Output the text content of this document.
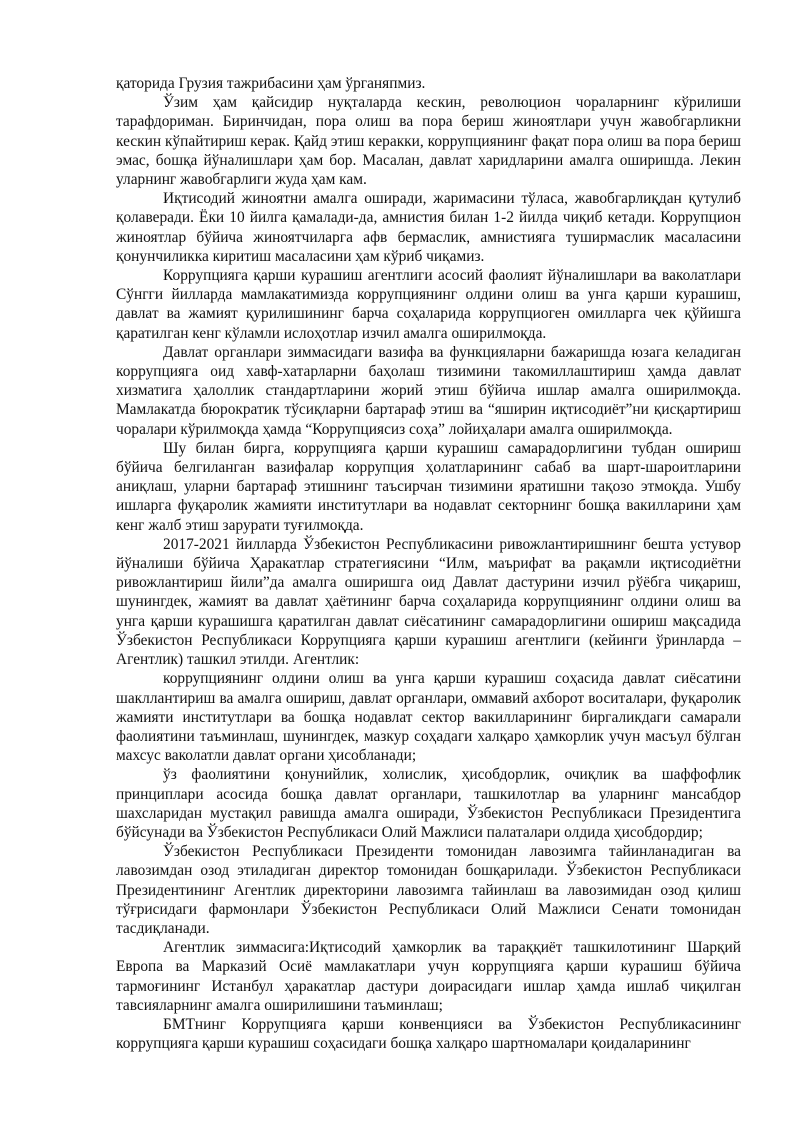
қаторида Грузия тажрибасини ҳам ўрганяпмиз.

Ўзим ҳам қайсидир нуқталарда кескин, революцион чораларнинг кўрилиши тарафдориман. Биринчидан, пора олиш ва пора бериш жиноятлари учун жавобгарликни кескин кўпайтириш керак. Қайд этиш керакки, коррупциянинг фақат пора олиш ва пора бериш эмас, бошқа йўналишлари ҳам бор. Масалан, давлат харидларини амалга оширишда. Лекин уларнинг жавобгарлиги жуда ҳам кам.

Иқтисодий жиноятни амалга оширади, жаримасини тўласа, жавобгарлиқдан қутулиб қолаверади. Ёки 10 йилга қамалади-да, амнистия билан 1-2 йилда чиқиб кетади. Коррупцион жиноятлар бўйича жиноятчиларга афв бермаслик, амнистияга туширмаслик масаласини қонунчиликка киритиш масаласини ҳам кўриб чиқамиз.

Коррупцияга қарши курашиш агентлиги асосий фаолият йўналишлари ва ваколатлари Сўнгги йилларда мамлакатимизда коррупциянинг олдини олиш ва унга қарши курашиш, давлат ва жамият қурилишининг барча соҳаларида коррупциоген омилларга чек қўйишга қаратилган кенг кўламли ислоҳотлар изчил амалга оширилмоқда.

Давлат органлари зиммасидаги вазифа ва функцияларни бажаришда юзага келадиган коррупцияга оид хавф-хатарларни баҳолаш тизимини такомиллаштириш ҳамда давлат хизматига ҳалоллик стандартларини жорий этиш бўйича ишлар амалга оширилмоқда. Мамлакатда бюрократик тўсиқларни бартараф этиш ва “яширин иқтисодиёт”ни қисқартириш чоралари кўрилмоқда ҳамда “Коррупциясиз соҳа” лойиҳалари амалга оширилмоқда.

Шу билан бирга, коррупцияга қарши курашиш самарадорлигини тубдан ошириш бўйича белгиланган вазифалар коррупция ҳолатларининг сабаб ва шарт-шароитларини аниқлаш, уларни бартараф этишнинг таъсирчан тизимини яратишни тақозо этмоқда. Ушбу ишларга фуқаролик жамияти институтлари ва нодавлат секторнинг бошқа вакилларини ҳам кенг жалб этиш зарурати туғилмоқда.

2017-2021 йилларда Ўзбекистон Республикасини ривожлантиришнинг бешта устувор йўналиши бўйича Ҳаракатлар стратегиясини “Илм, маърифат ва рақамли иқтисодиётни ривожлантириш йили”да амалга оширишга оид Давлат дастурини изчил рўёбга чиқариш, шунингдек, жамият ва давлат ҳаётининг барча соҳаларида коррупциянинг олдини олиш ва унга қарши курашишга қаратилган давлат сиёсатининг самарадорлигини ошириш мақсадида Ўзбекистон Республикаси Коррупцияга қарши курашиш агентлиги (кейинги ўринларда – Агентлик) ташкил этилди. Агентлик:

коррупциянинг олдини олиш ва унга қарши курашиш соҳасида давлат сиёсатини шакллантириш ва амалга ошириш, давлат органлари, оммавий ахборот воситалари, фуқаролик жамияти институтлари ва бошқа нодавлат сектор вакилларининг биргаликдаги самарали фаолиятини таъминлаш, шунингдек, мазкур соҳадаги халқаро ҳамкорлик учун масъул бўлган махсус ваколатли давлат органи ҳисобланади;

ўз фаолиятини қонунийлик, холислик, ҳисобдорлик, очиқлик ва шаффофлик принциплари асосида бошқа давлат органлари, ташкилотлар ва уларнинг мансабдор шахсларидан мустақил равишда амалга оширади, Ўзбекистон Республикаси Президентига бўйсунади ва Ўзбекистон Республикаси Олий Мажлиси палаталари олдида ҳисобдордир;

Ўзбекистон Республикаси Президенти томонидан лавозимга тайинланадиган ва лавозимдан озод этиладиган директор томонидан бошқарилади. Ўзбекистон Республикаси Президентининг Агентлик директорини лавозимга тайинлаш ва лавозимидан озод қилиш тўғрисидаги фармонлари Ўзбекистон Республикаси Олий Мажлиси Сенати томонидан тасдиқланади.

Агентлик зиммасига:Иқтисодий ҳамкорлик ва тараққиёт ташкилотининг Шарқий Европа ва Марказий Осиё мамлакатлари учун коррупцияга қарши курашиш бўйича тармоғининг Истанбул ҳаракатлар дастури доирасидаги ишлар ҳамда ишлаб чиқилган тавсияларнинг амалга оширилишини таъминлаш;

БМТнинг Коррупцияга қарши конвенцияси ва Ўзбекистон Республикасининг коррупцияга қарши курашиш соҳасидаги бошқа халқаро шартномалари қоидаларининг
